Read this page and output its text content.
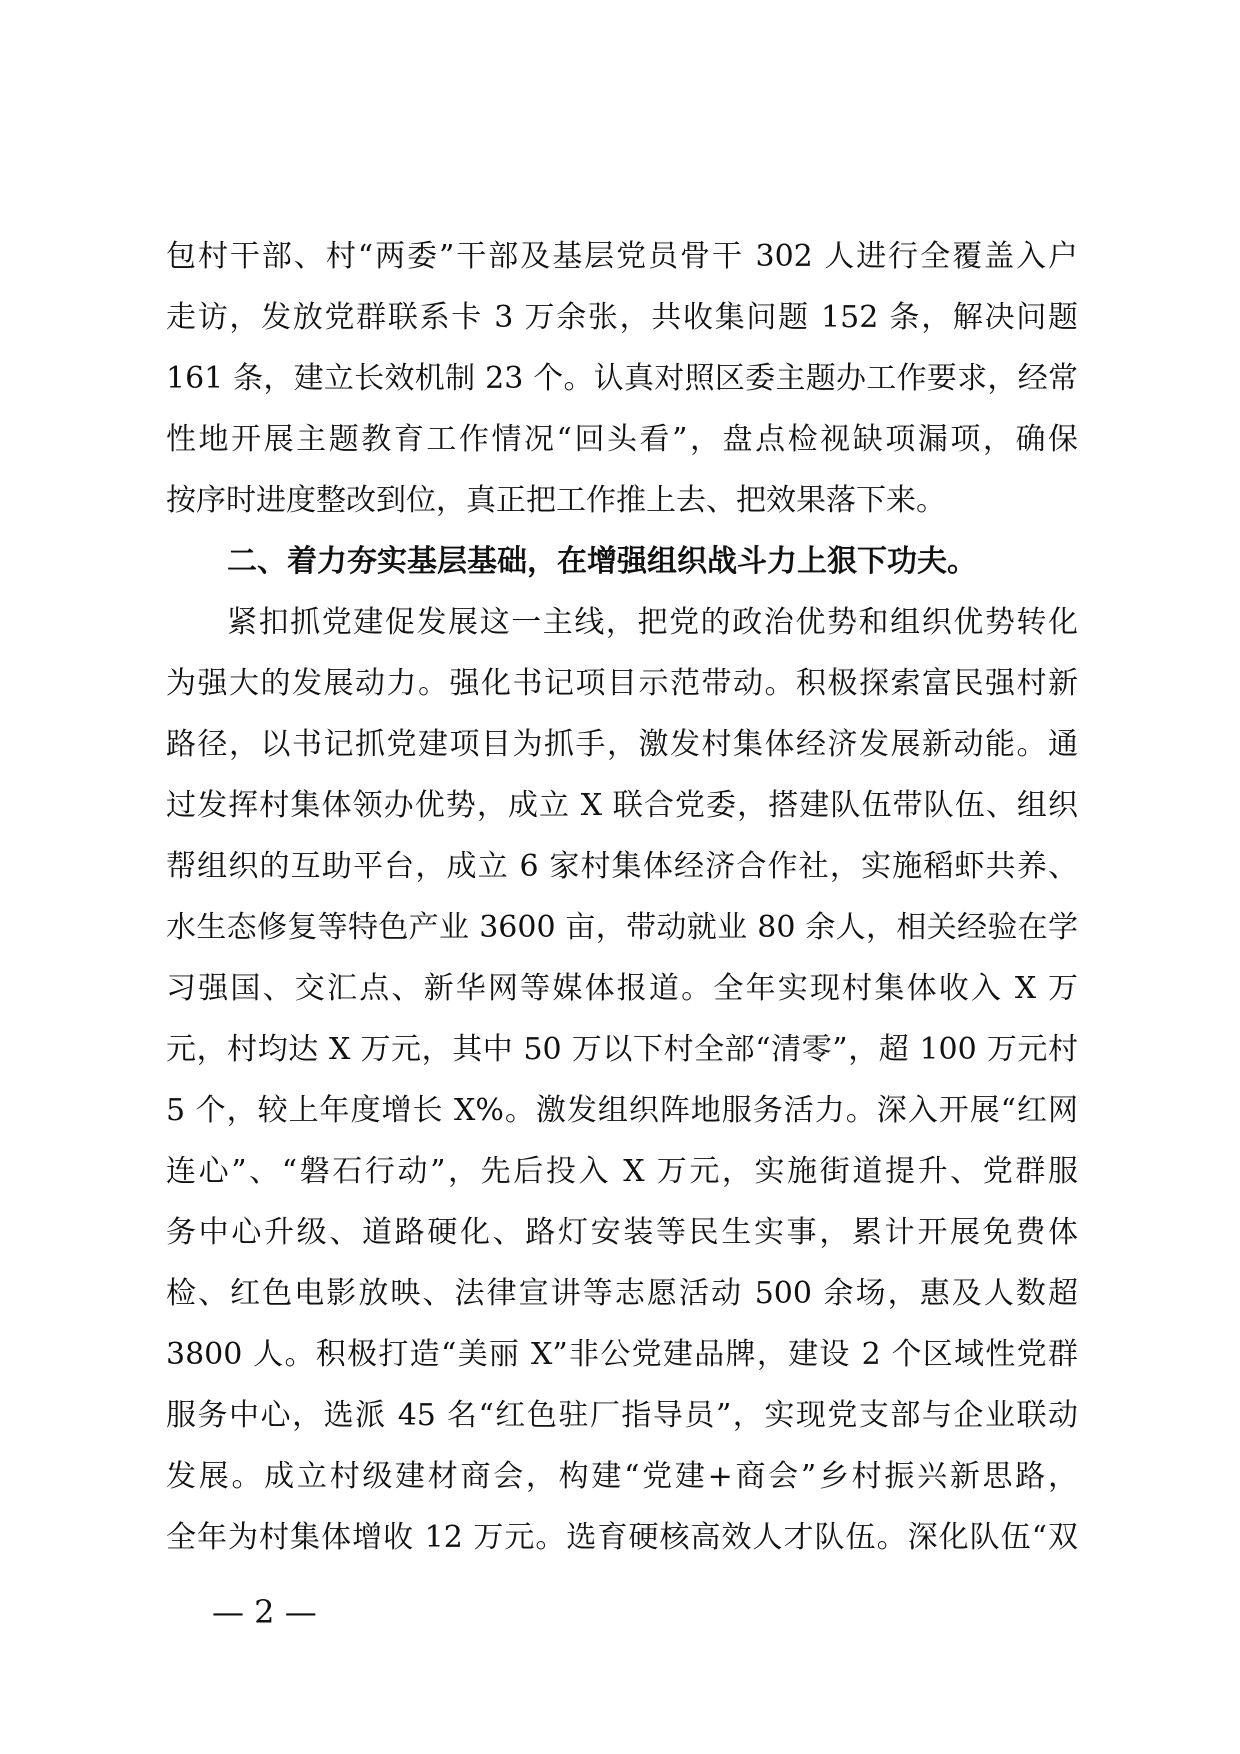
包村干部、村“两委”干部及基层党员骨干 302 人进行全覆盖入户
走访，发放党群联系卡 3 万余张，共收集问题 152 条，解决问题
161 条，建立长效机制 23 个。认真对照区委主题办工作要求，经常
性地开展主题教育工作情况“回头看”，盘点检视缺项漏项，确保
按序时进度整改到位，真正把工作推上去、把效果落下来。
二、着力夯实基层基础，在增强组织战斗力上狠下功夫。
紧扣抓党建促发展这一主线，把党的政治优势和组织优势转化
为强大的发展动力。强化书记项目示范带动。积极探索富民强村新
路径，以书记抓党建项目为抓手，激发村集体经济发展新动能。通
过发挥村集体领办优势，成立 X 联合党委，搭建队伍带队伍、组织
帮组织的互助平台，成立 6 家村集体经济合作社，实施稻虾共养、
水生态修复等特色产业 3600 亩，带动就业 80 余人，相关经验在学
习强国、交汇点、新华网等媒体报道。全年实现村集体收入 X 万
元，村均达 X 万元，其中 50 万以下村全部“清零”，超 100 万元村
5 个，较上年度增长 X%。激发组织阵地服务活力。深入开展“红网
连心”、“磐石行动”，先后投入 X 万元，实施街道提升、党群服
务中心升级、道路硬化、路灯安装等民生实事，累计开展免费体
检、红色电影放映、法律宣讲等志愿活动 500 余场，惠及人数超
3800 人。积极打造“美丽 X”非公党建品牌，建设 2 个区域性党群
服务中心，选派 45 名“红色驻厂指导员”，实现党支部与企业联动
发展。成立村级建材商会，构建“党建+商会”乡村振兴新思路，
全年为村集体增收 12 万元。选育硬核高效人才队伍。深化队伍“双
— 2 —
